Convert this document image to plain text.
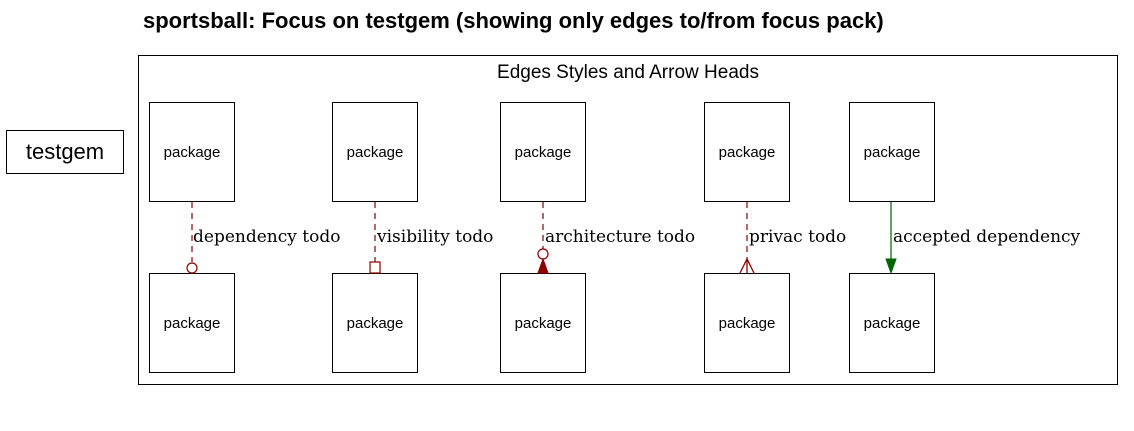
sportsball: Focus on testgem (showing only edges to/from focus pack)
testgem
Edges Styles and Arrow Heads
package	package	package	package	package
package	package	package	package	package
dependency todo visibility todo	architecture todo	privac todo	accepted dependency
